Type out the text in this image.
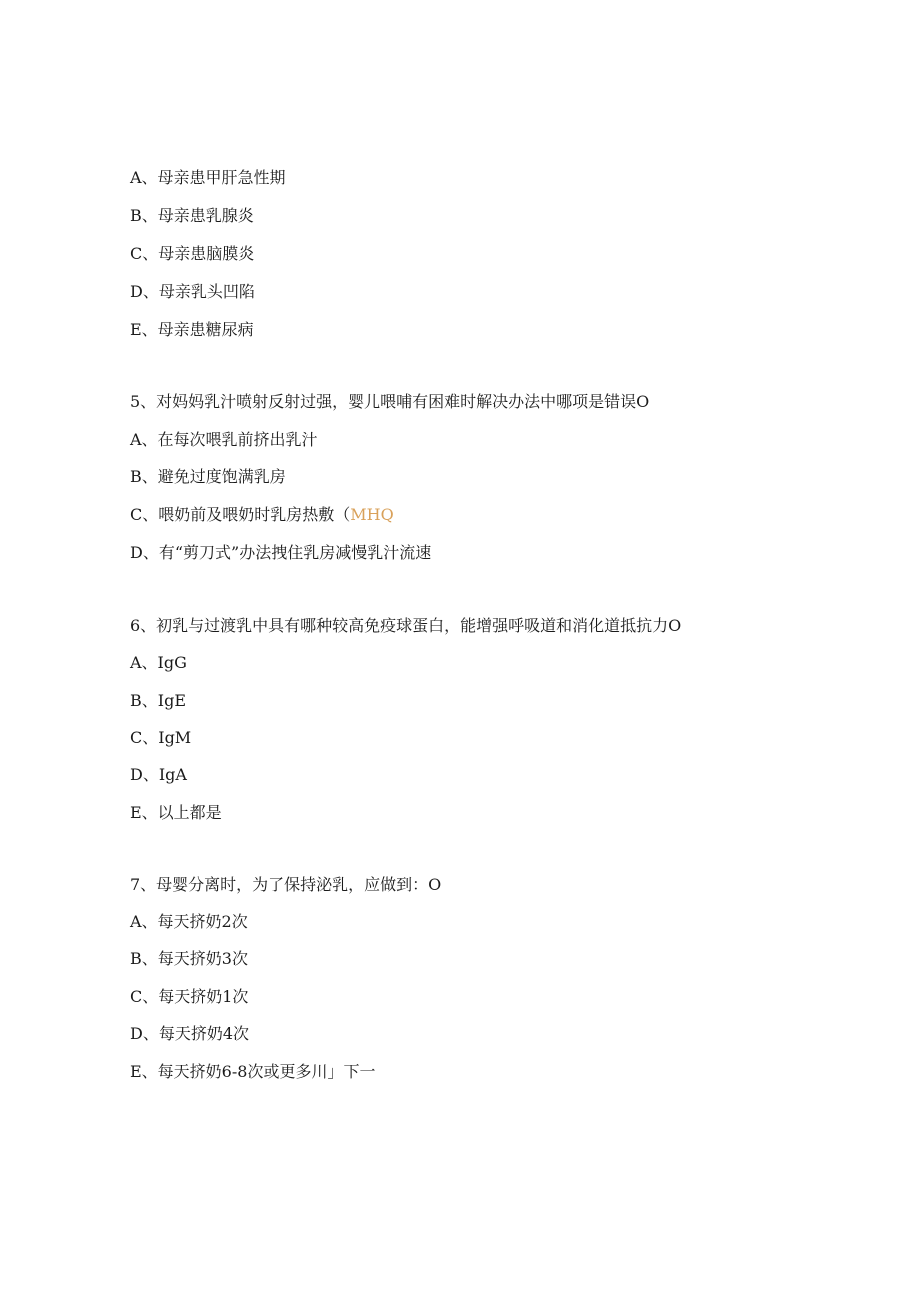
A、母亲患甲肝急性期
B、母亲患乳腺炎
C、母亲患脑膜炎
D、母亲乳头凹陷
E、母亲患糖尿病
5、对妈妈乳汁喷射反射过强，婴儿喂哺有困难时解决办法中哪项是错误O
A、在每次喂乳前挤出乳汁
B、避免过度饱满乳房
C、喂奶前及喂奶时乳房热敷（MHQ
D、有“剪刀式”办法拽住乳房减慢乳汁流速
6、初乳与过渡乳中具有哪种较高免疫球蛋白，能增强呼吸道和消化道抵抗力O
A、IgG
B、IgE
C、IgM
D、IgA
E、以上都是
7、母婴分离时，为了保持泌乳，应做到：O
A、每天挤奶2次
B、每天挤奶3次
C、每天挤奶1次
D、每天挤奶4次
E、每天挤奶6-8次或更多川」下一
